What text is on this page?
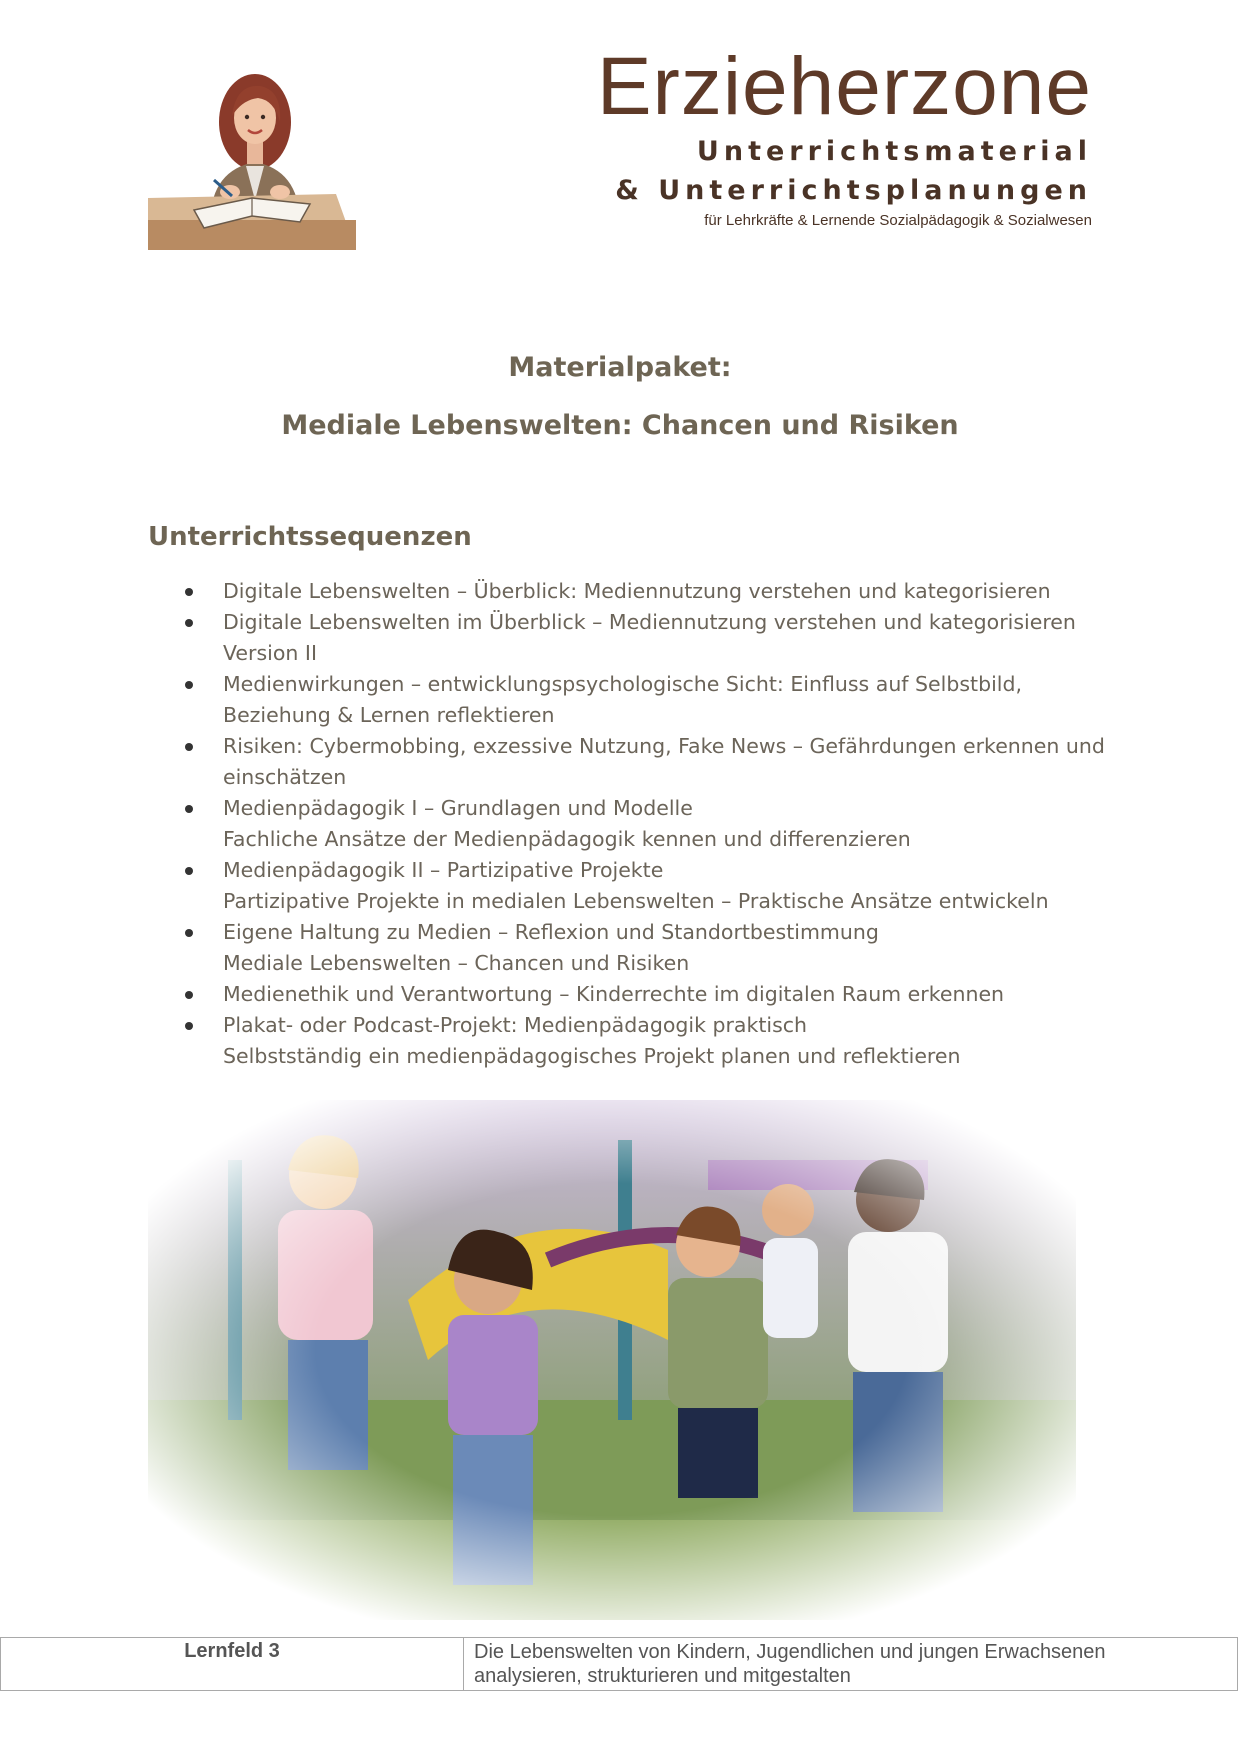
Erzieherzone
Unterrichtsmaterial
& Unterrichtsplanungen
für Lehrkräfte & Lernende Sozialpädagogik & Sozialwesen
Materialpaket:
Mediale Lebenswelten: Chancen und Risiken
Unterrichtssequenzen
Digitale Lebenswelten – Überblick: Mediennutzung verstehen und kategorisieren
Digitale Lebenswelten im Überblick – Mediennutzung verstehen und kategorisieren
Version II
Medienwirkungen – entwicklungspsychologische Sicht: Einfluss auf Selbstbild,
Beziehung & Lernen reflektieren
Risiken: Cybermobbing, exzessive Nutzung, Fake News – Gefährdungen erkennen und
einschätzen
Medienpädagogik I – Grundlagen und Modelle
Fachliche Ansätze der Medienpädagogik kennen und differenzieren
Medienpädagogik II – Partizipative Projekte
Partizipative Projekte in medialen Lebenswelten – Praktische Ansätze entwickeln
Eigene Haltung zu Medien – Reflexion und Standortbestimmung
Mediale Lebenswelten – Chancen und Risiken
Medienethik und Verantwortung – Kinderrechte im digitalen Raum erkennen
Plakat- oder Podcast-Projekt: Medienpädagogik praktisch
Selbstständig ein medienpädagogisches Projekt planen und reflektieren
Lernfeld 3	Die Lebenswelten von Kindern, Jugendlichen und jungen Erwachsenen
analysieren, strukturieren und mitgestalten
